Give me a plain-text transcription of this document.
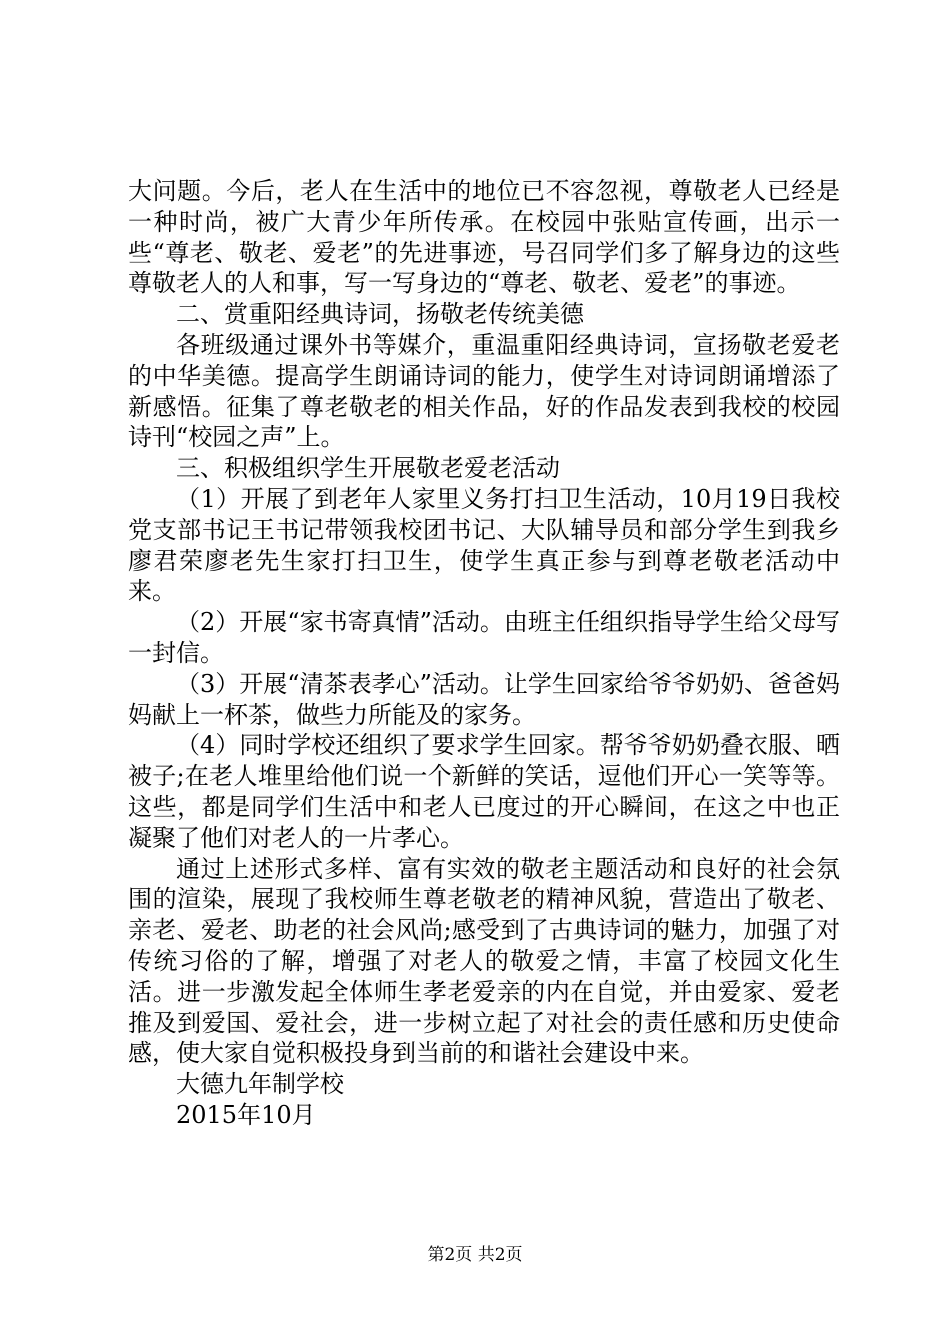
大问题。今后，老人在生活中的地位已不容忽视，尊敬老人已经是一种时尚，被广大青少年所传承。在校园中张贴宣传画，出示一些“尊老、敬老、爱老”的先进事迹，号召同学们多了解身边的这些尊敬老人的人和事，写一写身边的“尊老、敬老、爱老”的事迹。

二、赏重阳经典诗词，扬敬老传统美德

各班级通过课外书等媒介，重温重阳经典诗词，宣扬敬老爱老的中华美德。提高学生朗诵诗词的能力，使学生对诗词朗诵增添了新感悟。征集了尊老敬老的相关作品，好的作品发表到我校的校园诗刊“校园之声”上。

三、积极组织学生开展敬老爱老活动

（1）开展了到老年人家里义务打扫卫生活动，10月19日我校党支部书记王书记带领我校团书记、大队辅导员和部分学生到我乡廖君荣廖老先生家打扫卫生，使学生真正参与到尊老敬老活动中来。

（2）开展“家书寄真情”活动。由班主任组织指导学生给父母写一封信。

（3）开展“清茶表孝心”活动。让学生回家给爷爷奶奶、爸爸妈妈献上一杯茶，做些力所能及的家务。

（4）同时学校还组织了要求学生回家。帮爷爷奶奶叠衣服、晒被子;在老人堆里给他们说一个新鲜的笑话，逗他们开心一笑等等。这些，都是同学们生活中和老人已度过的开心瞬间，在这之中也正凝聚了他们对老人的一片孝心。

通过上述形式多样、富有实效的敬老主题活动和良好的社会氛围的渲染，展现了我校师生尊老敬老的精神风貌，营造出了敬老、亲老、爱老、助老的社会风尚;感受到了古典诗词的魅力，加强了对传统习俗的了解，增强了对老人的敬爱之情，丰富了校园文化生活。进一步激发起全体师生孝老爱亲的内在自觉，并由爱家、爱老推及到爱国、爱社会，进一步树立起了对社会的责任感和历史使命感，使大家自觉积极投身到当前的和谐社会建设中来。

大德九年制学校

2015年10月

第2页 共2页
